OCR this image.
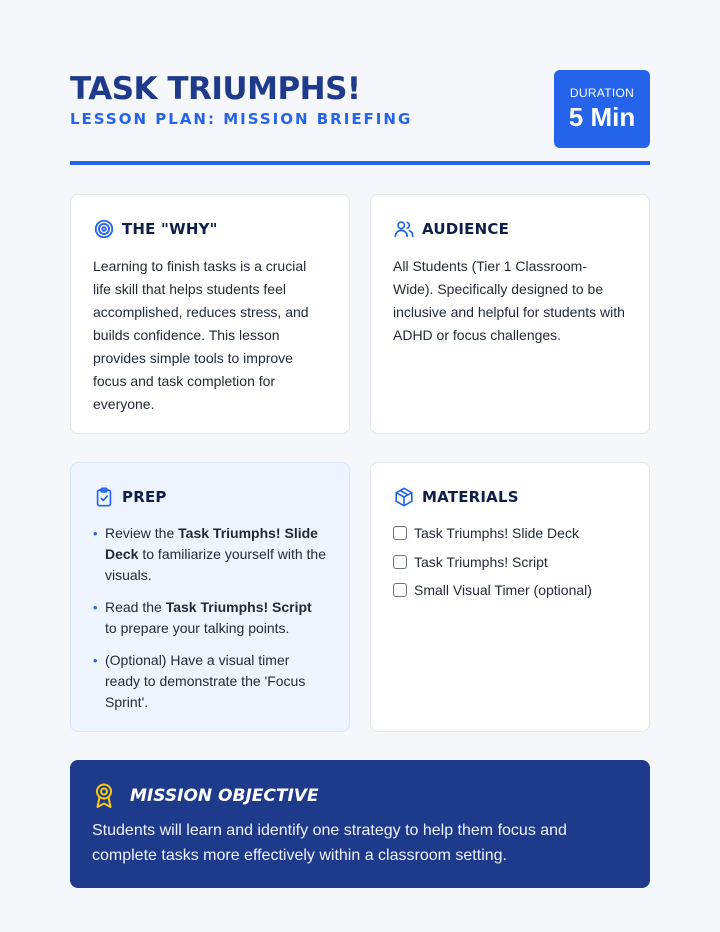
TASK TRIUMPHS!
LESSON PLAN: MISSION BRIEFING
DURATION
5 Min
THE "WHY"

Learning to finish tasks is a crucial life skill that helps students feel accomplished, reduces stress, and builds confidence. This lesson provides simple tools to improve focus and task completion for everyone.

AUDIENCE

All Students (Tier 1 Classroom-Wide). Specifically designed to be inclusive and helpful for students with ADHD or focus challenges.

PREP
• Review the Task Triumphs! Slide Deck to familiarize yourself with the visuals.
• Read the Task Triumphs! Script to prepare your talking points.
• (Optional) Have a visual timer ready to demonstrate the 'Focus Sprint'.
MATERIALS
Task Triumphs! Slide Deck
Task Triumphs! Script
Small Visual Timer (optional)
MISSION OBJECTIVE

Students will learn and identify one strategy to help them focus and complete tasks more effectively within a classroom setting.
